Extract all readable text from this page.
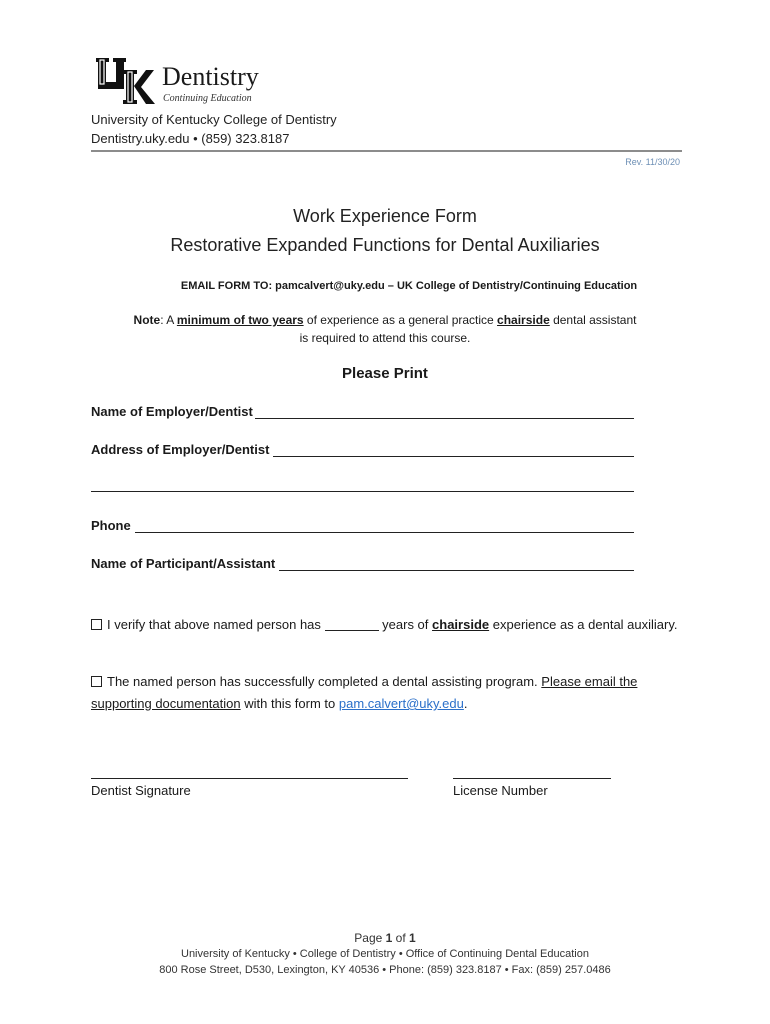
Dentistry
Continuing Education
University of Kentucky College of Dentistry
Dentistry.uky.edu • (859) 323.8187
Rev. 11/30/20
Work Experience Form
Restorative Expanded Functions for Dental Auxiliaries
EMAIL FORM TO: pamcalvert@uky.edu – UK College of Dentistry/Continuing Education
Note: A minimum of two years of experience as a general practice chairside dental assistant
is required to attend this course.
Please Print
Name of Employer/Dentist
Address of Employer/Dentist
Phone
Name of Participant/Assistant
I verify that above named person has	years of chairside experience as a dental auxiliary.
The named person has successfully completed a dental assisting program. Please email the supporting documentation with this form to pam.calvert@uky.edu.
Dentist Signature	License Number
Page 1 of 1
University of Kentucky • College of Dentistry • Office of Continuing Dental Education
800 Rose Street, D530, Lexington, KY 40536 • Phone: (859) 323.8187 • Fax: (859) 257.0486
